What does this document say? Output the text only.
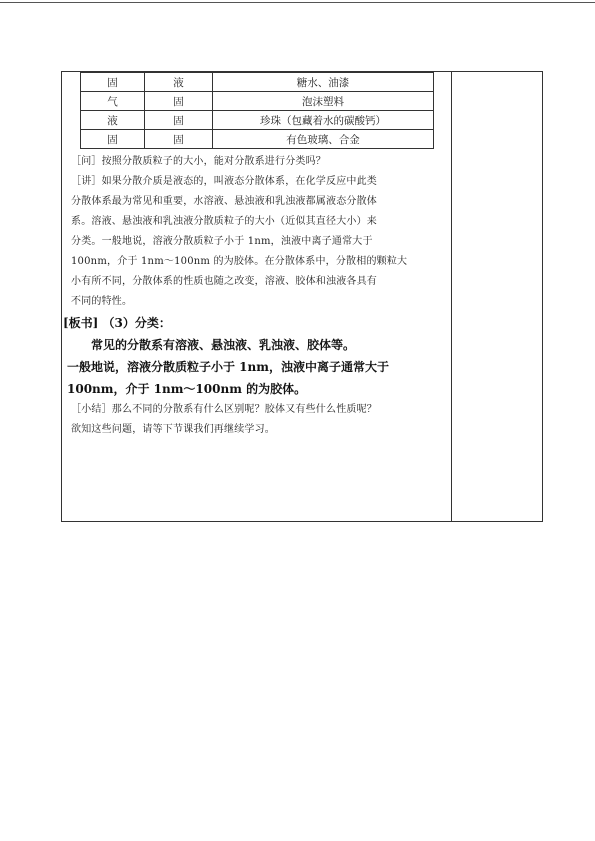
固	液	糖水、油漆
气	固	泡沫塑料
液	固	珍珠（包藏着水的碳酸钙）
固	固	有色玻璃、合金

［问］按照分散质粒子的大小，能对分散系进行分类吗？

［讲］如果分散介质是液态的，叫液态分散体系，在化学反应中此类

分散体系最为常见和重要，水溶液、悬浊液和乳浊液都属液态分散体

系。溶液、悬浊液和乳浊液分散质粒子的大小（近似其直径大小）来

分类。一般地说，溶液分散质粒子小于 1nm，浊液中离子通常大于

100nm，介于 1nm～100nm 的为胶体。在分散体系中，分散相的颗粒大

小有所不同，分散体系的性质也随之改变，溶液、胶体和浊液各具有

不同的特性。

[板书] （3）分类：

常见的分散系有溶液、悬浊液、乳浊液、胶体等。

一般地说，溶液分散质粒子小于 1nm，浊液中离子通常大于

100nm，介于 1nm～100nm 的为胶体。

［小结］那么不同的分散系有什么区别呢？胶体又有些什么性质呢？

欲知这些问题，请等下节课我们再继续学习。
